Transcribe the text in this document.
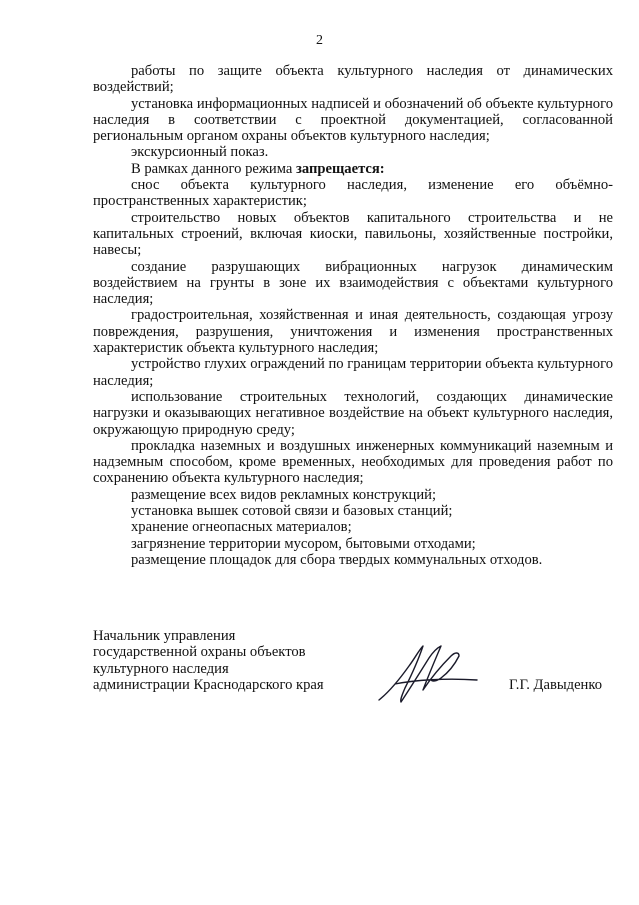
2

работы по защите объекта культурного наследия от динамических воздействий;

установка информационных надписей и обозначений об объекте культурного наследия в соответствии с проектной документацией, согласованной региональным органом охраны объектов культурного наследия;

экскурсионный показ.

В рамках данного режима запрещается:

снос объекта культурного наследия, изменение его объёмно-пространственных характеристик;

строительство новых объектов капитального строительства и не капитальных строений, включая киоски, павильоны, хозяйственные постройки, навесы;

создание разрушающих вибрационных нагрузок динамическим воздействием на грунты в зоне их взаимодействия с объектами культурного наследия;

градостроительная, хозяйственная и иная деятельность, создающая угрозу повреждения, разрушения, уничтожения и изменения пространственных характеристик объекта культурного наследия;

устройство глухих ограждений по границам территории объекта культурного наследия;

использование строительных технологий, создающих динамические нагрузки и оказывающих негативное воздействие на объект культурного наследия, окружающую природную среду;

прокладка наземных и воздушных инженерных коммуникаций наземным и надземным способом, кроме временных, необходимых для проведения работ по сохранению объекта культурного наследия;

размещение всех видов рекламных конструкций;

установка вышек сотовой связи и базовых станций;

хранение огнеопасных материалов;

загрязнение территории мусором, бытовыми отходами;

размещение площадок для сбора твердых коммунальных отходов.

Начальник управления
государственной охраны объектов
культурного наследия
администрации Краснодарского края	Г.Г. Давыденко
